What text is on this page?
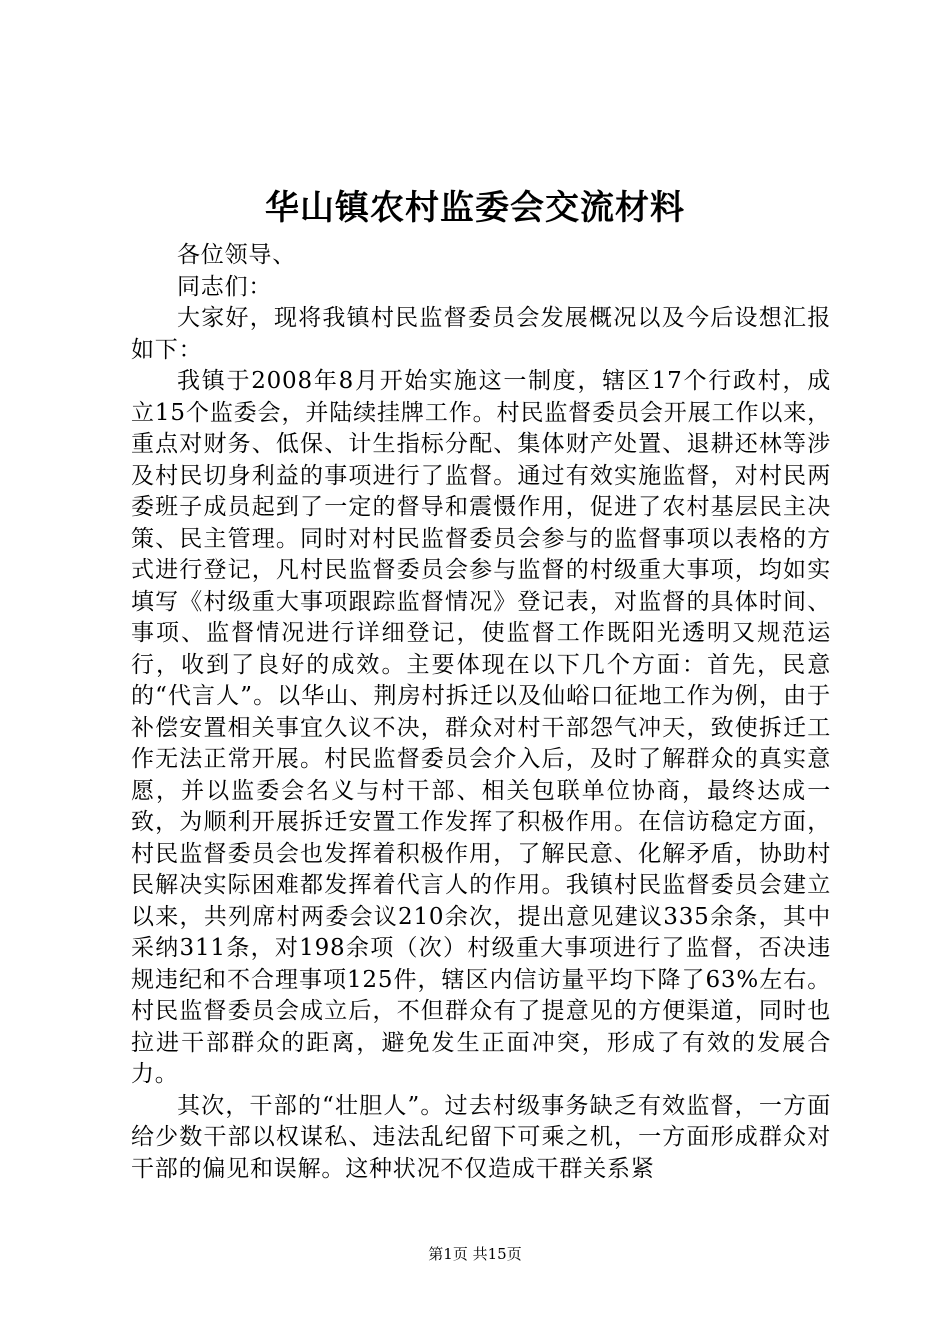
华山镇农村监委会交流材料

各位领导、

同志们：

大家好，现将我镇村民监督委员会发展概况以及今后设想汇报如下：

我镇于2008年8月开始实施这一制度，辖区17个行政村，成立15个监委会，并陆续挂牌工作。村民监督委员会开展工作以来，重点对财务、低保、计生指标分配、集体财产处置、退耕还林等涉及村民切身利益的事项进行了监督。通过有效实施监督，对村民两委班子成员起到了一定的督导和震慑作用，促进了农村基层民主决策、民主管理。同时对村民监督委员会参与的监督事项以表格的方式进行登记，凡村民监督委员会参与监督的村级重大事项，均如实填写《村级重大事项跟踪监督情况》登记表，对监督的具体时间、事项、监督情况进行详细登记，使监督工作既阳光透明又规范运行，收到了良好的成效。主要体现在以下几个方面：首先，民意的“代言人”。以华山、荆房村拆迁以及仙峪口征地工作为例，由于补偿安置相关事宜久议不决，群众对村干部怨气冲天，致使拆迁工作无法正常开展。村民监督委员会介入后，及时了解群众的真实意愿，并以监委会名义与村干部、相关包联单位协商，最终达成一致，为顺利开展拆迁安置工作发挥了积极作用。在信访稳定方面，村民监督委员会也发挥着积极作用，了解民意、化解矛盾，协助村民解决实际困难都发挥着代言人的作用。我镇村民监督委员会建立以来，共列席村两委会议210余次，提出意见建议335余条，其中采纳311条，对198余项（次）村级重大事项进行了监督，否决违规违纪和不合理事项125件，辖区内信访量平均下降了63%左右。村民监督委员会成立后，不但群众有了提意见的方便渠道，同时也拉进干部群众的距离，避免发生正面冲突，形成了有效的发展合力。

其次，干部的“壮胆人”。过去村级事务缺乏有效监督，一方面给少数干部以权谋私、违法乱纪留下可乘之机，一方面形成群众对干部的偏见和误解。这种状况不仅造成干群关系紧

第1页 共15页
